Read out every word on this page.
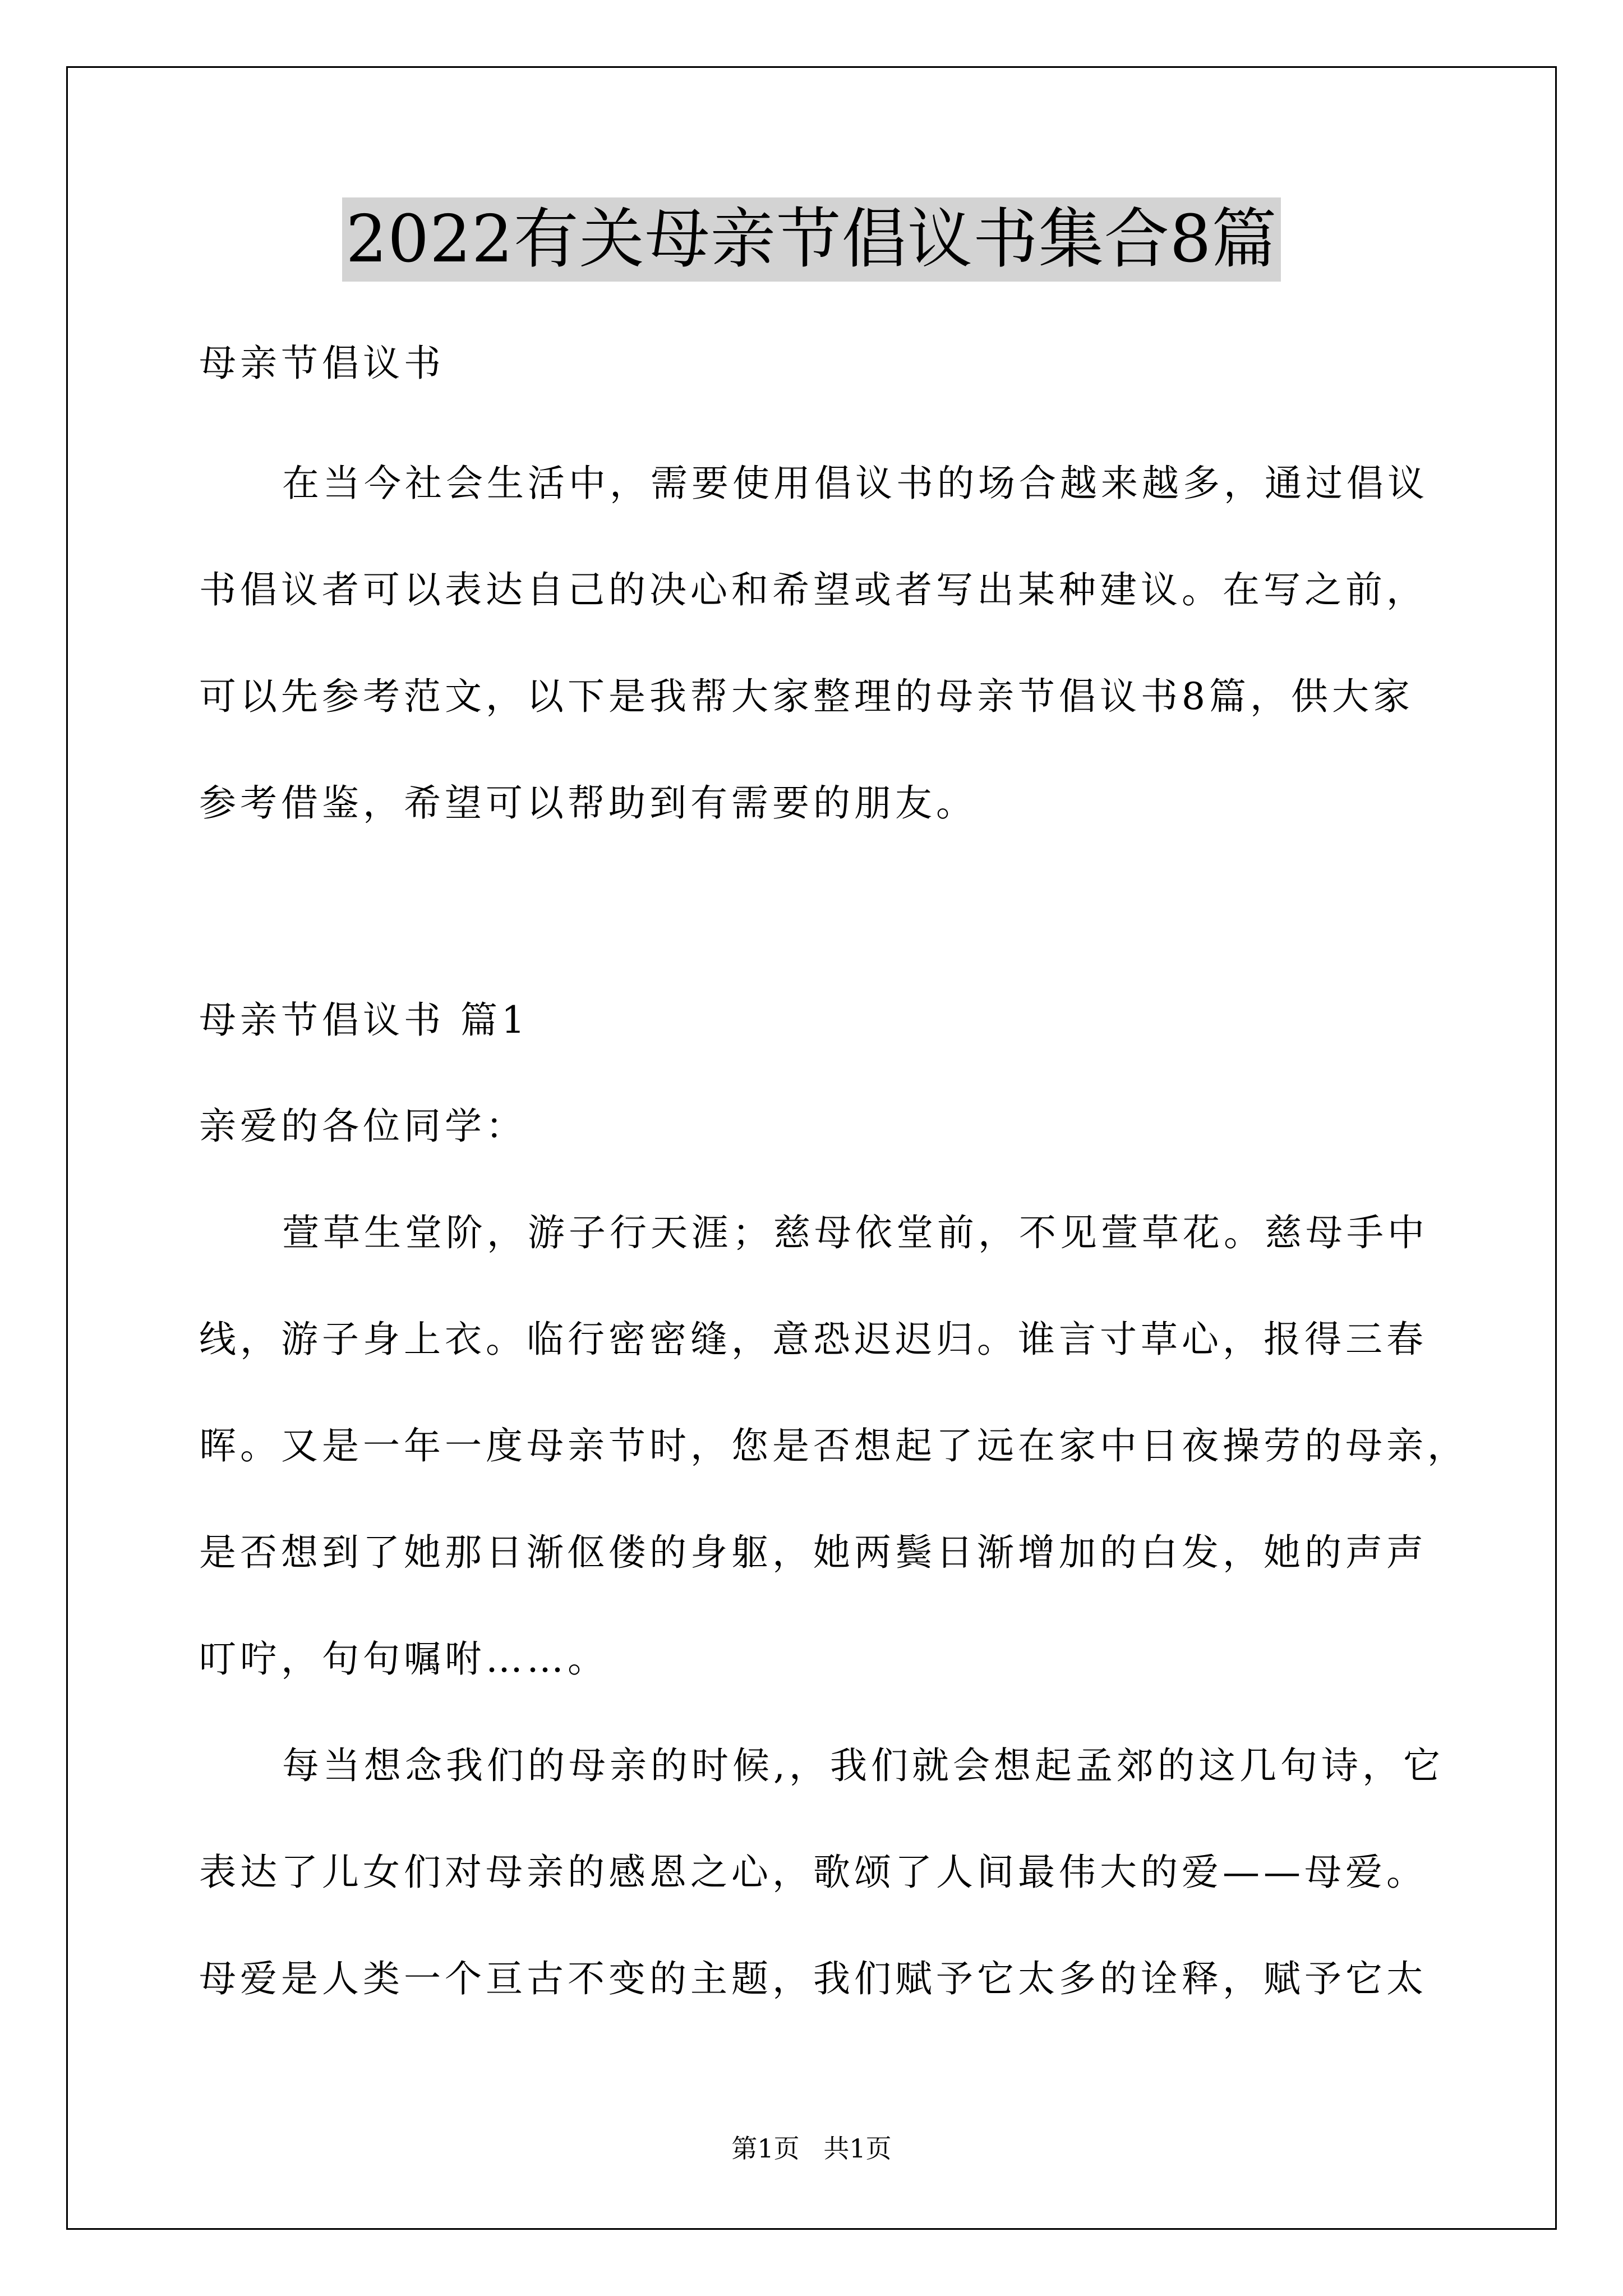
2022有关母亲节倡议书集合8篇
母亲节倡议书
在当今社会生活中，需要使用倡议书的场合越来越多，通过倡议
书倡议者可以表达自己的决心和希望或者写出某种建议。在写之前，
可以先参考范文，以下是我帮大家整理的母亲节倡议书8篇，供大家
参考借鉴，希望可以帮助到有需要的朋友。
母亲节倡议书 篇1
亲爱的各位同学：
萱草生堂阶，游子行天涯；慈母依堂前，不见萱草花。慈母手中
线，游子身上衣。临行密密缝，意恐迟迟归。谁言寸草心，报得三春
晖。又是一年一度母亲节时，您是否想起了远在家中日夜操劳的母亲，
是否想到了她那日渐伛偻的身躯，她两鬓日渐增加的白发，她的声声
叮咛，句句嘱咐……。
每当想念我们的母亲的时候,，我们就会想起孟郊的这几句诗，它
表达了儿女们对母亲的感恩之心，歌颂了人间最伟大的爱——母爱。
母爱是人类一个亘古不变的主题，我们赋予它太多的诠释，赋予它太
第1页 共1页
